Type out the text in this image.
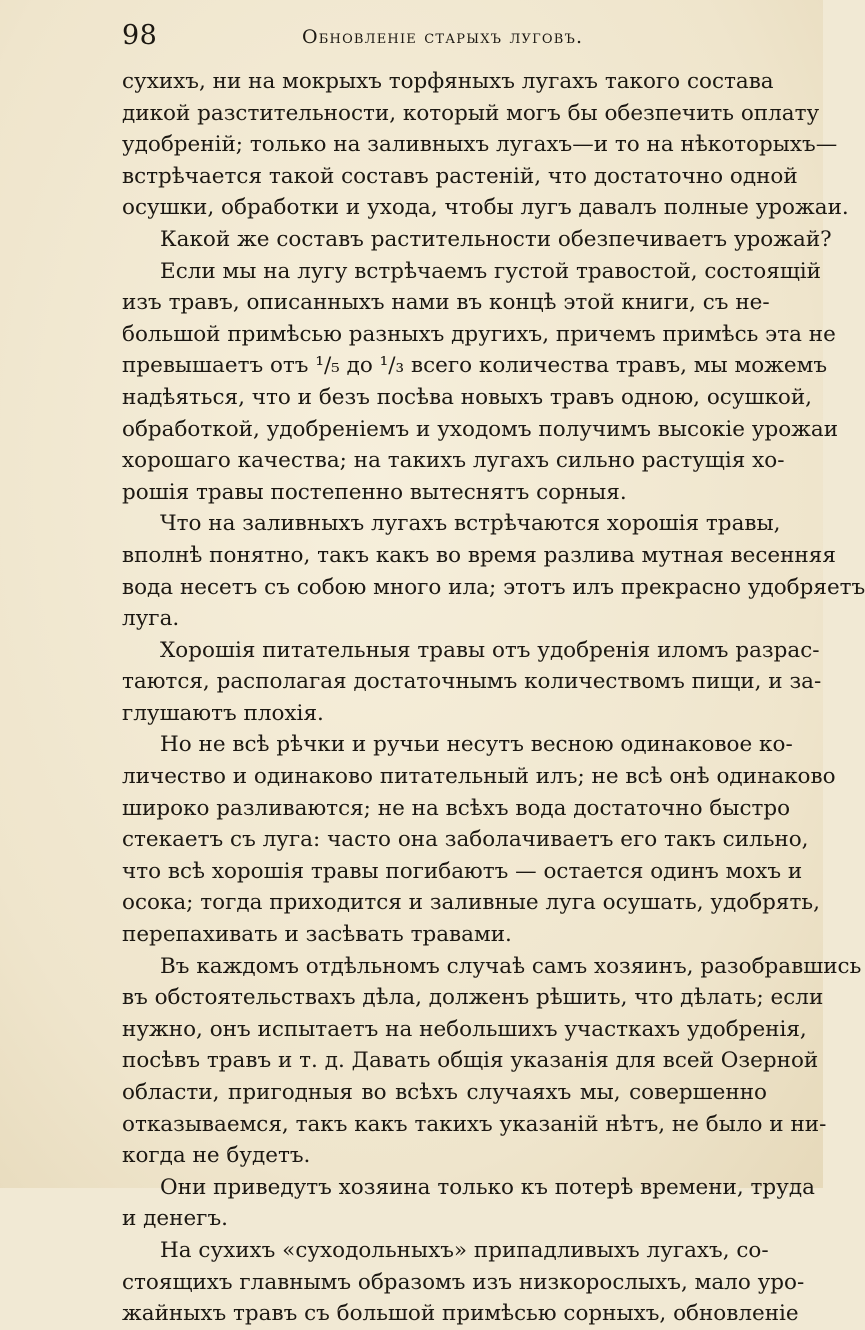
98	Обновленіе старыхъ луговъ.
сухихъ, ни на мокрыхъ торфяныхъ лугахъ такого состава
дикой разстительности, который могъ бы обезпечить оплату
удобреній; только на заливныхъ лугахъ—и то на нѣкоторыхъ—
встрѣчается такой составъ растеній, что достаточно одной
осушки, обработки и ухода, чтобы лугъ давалъ полные урожаи.
Какой же составъ растительности обезпечиваетъ урожай?
Если мы на лугу встрѣчаемъ густой травостой, состоящій
изъ травъ, описанныхъ нами въ концѣ этой книги, съ не-
большой примѣсью разныхъ другихъ, причемъ примѣсь эта не
превышаетъ отъ ¹/₅ до ¹/₃ всего количества травъ, мы можемъ
надѣяться, что и безъ посѣва новыхъ травъ одною, осушкой,
обработкой, удобреніемъ и уходомъ получимъ высокіе урожаи
хорошаго качества; на такихъ лугахъ сильно растущія хо-
рошія травы постепенно вытеснятъ сорныя.
Что на заливныхъ лугахъ встрѣчаются хорошія травы,
вполнѣ понятно, такъ какъ во время разлива мутная весенняя
вода несетъ съ собою много ила; этотъ илъ прекрасно удобряетъ
луга.
Хорошія питательныя травы отъ удобренія иломъ разрас-
таются, располагая достаточнымъ количествомъ пищи, и за-
глушаютъ плохія.
Но не всѣ рѣчки и ручьи несутъ весною одинаковое ко-
личество и одинаково питательный илъ; не всѣ онѣ одинаково
широко разливаются; не на всѣхъ вода достаточно быстро
стекаетъ съ луга: часто она заболачиваетъ его такъ сильно,
что всѣ хорошія травы погибаютъ — остается одинъ мохъ и
осока; тогда приходится и заливные луга осушать, удобрять,
перепахивать и засѣвать травами.
Въ каждомъ отдѣльномъ случаѣ самъ хозяинъ, разобравшись
въ обстоятельствахъ дѣла, долженъ рѣшить, что дѣлать; если
нужно, онъ испытаетъ на небольшихъ участкахъ удобренія,
посѣвъ травъ и т. д. Давать общія указанія для всей Озерной
области, пригодныя во всѣхъ случаяхъ мы, совершенно
отказываемся, такъ какъ такихъ указаній нѣтъ, не было и ни-
когда не будетъ.
Они приведутъ хозяина только къ потерѣ времени, труда
и денегъ.
На сухихъ «суходольныхъ» припадливыхъ лугахъ, со-
стоящихъ главнымъ образомъ изъ низкорослыхъ, мало уро-
жайныхъ травъ съ большой примѣсью сорныхъ, обновленіе
